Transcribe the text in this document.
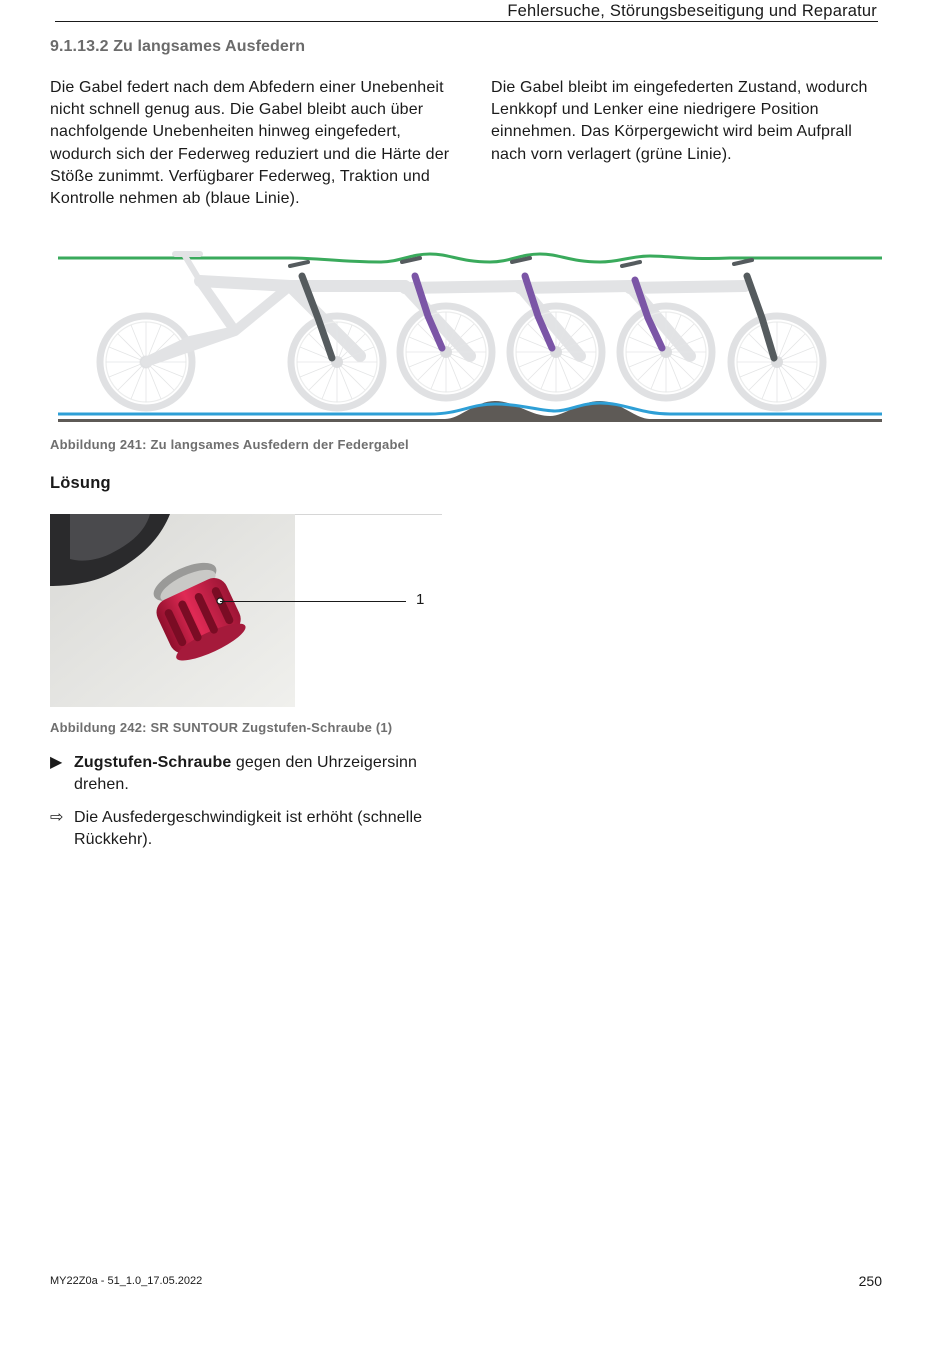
Fehlersuche, Störungsbeseitigung und Reparatur
9.1.13.2 Zu langsames Ausfedern
Die Gabel federt nach dem Abfedern einer Unebenheit nicht schnell genug aus. Die Gabel bleibt auch über nachfolgende Unebenheiten hinweg eingefedert, wodurch sich der Federweg reduziert und die Härte der Stöße zunimmt. Verfügbarer Federweg, Traktion und Kontrolle nehmen ab (blaue Linie).
Die Gabel bleibt im eingefederten Zustand, wodurch Lenkkopf und Lenker eine niedrigere Position einnehmen. Das Körpergewicht wird beim Aufprall nach vorn verlagert (grüne Linie).
Abbildung 241: Zu langsames Ausfedern der Federgabel
Lösung
1
Abbildung 242: SR SUNTOUR Zugstufen-Schraube (1)
▶ Zugstufen-Schraube gegen den Uhrzeigersinn drehen.
⇨ Die Ausfedergeschwindigkeit ist erhöht (schnelle Rückkehr).
MY22Z0a - 51_1.0_17.05.2022	250
